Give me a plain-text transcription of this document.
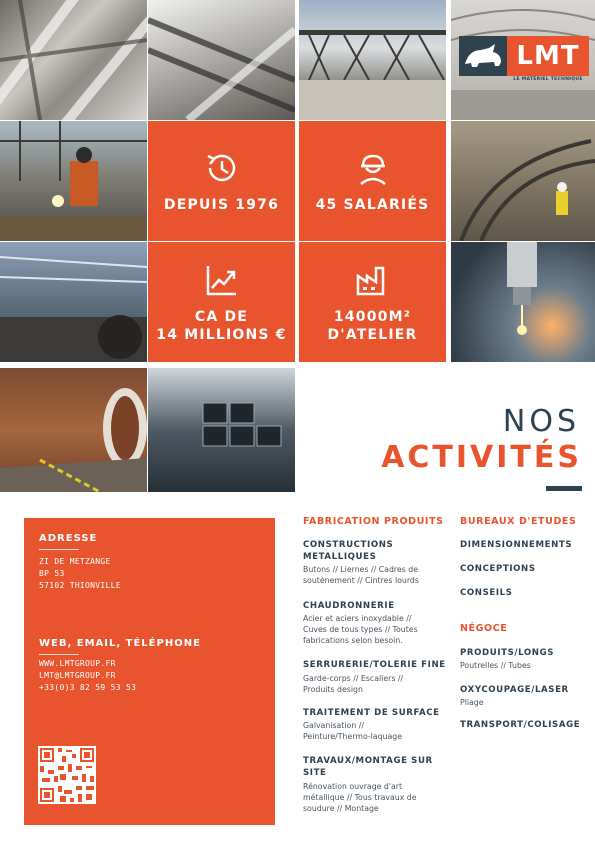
LMT
LE MATÉRIEL TECHNIQUE
DEPUIS 1976	45 SALARIÉS
CA DE
14 MILLIONS €
14000M²
D'ATELIER
NOS
ACTIVITÉS
ADRESSE
ZI DE METZANGE
BP 53
57102 THIONVILLE
WEB, EMAIL, TÉLÉPHONE
WWW.LMTGROUP.FR
LMT@LMTGROUP.FR
+33(0)3 82 59 53 53
FABRICATION PRODUITS
CONSTRUCTIONS
METALLIQUES
Butons // Liernes // Cadres de
soutènement // Cintres lourds
CHAUDRONNERIE
Acier et aciers inoxydable //
Cuves de tous types // Toutes
fabrications selon besoin.
SERRURERIE/TOLERIE FINE
Garde-corps // Escaliers //
Produits design
TRAITEMENT DE SURFACE
Galvanisation //
Peinture/Thermo-laquage
TRAVAUX/MONTAGE SUR
SITE
Rénovation ouvrage d'art
métallique // Tous travaux de
soudure // Montage
BUREAUX D'ETUDES
DIMENSIONNEMENTS
CONCEPTIONS
CONSEILS
NÉGOCE
PRODUITS/LONGS
Poutrelles // Tubes
OXYCOUPAGE/LASER
Pliage
TRANSPORT/COLISAGE
